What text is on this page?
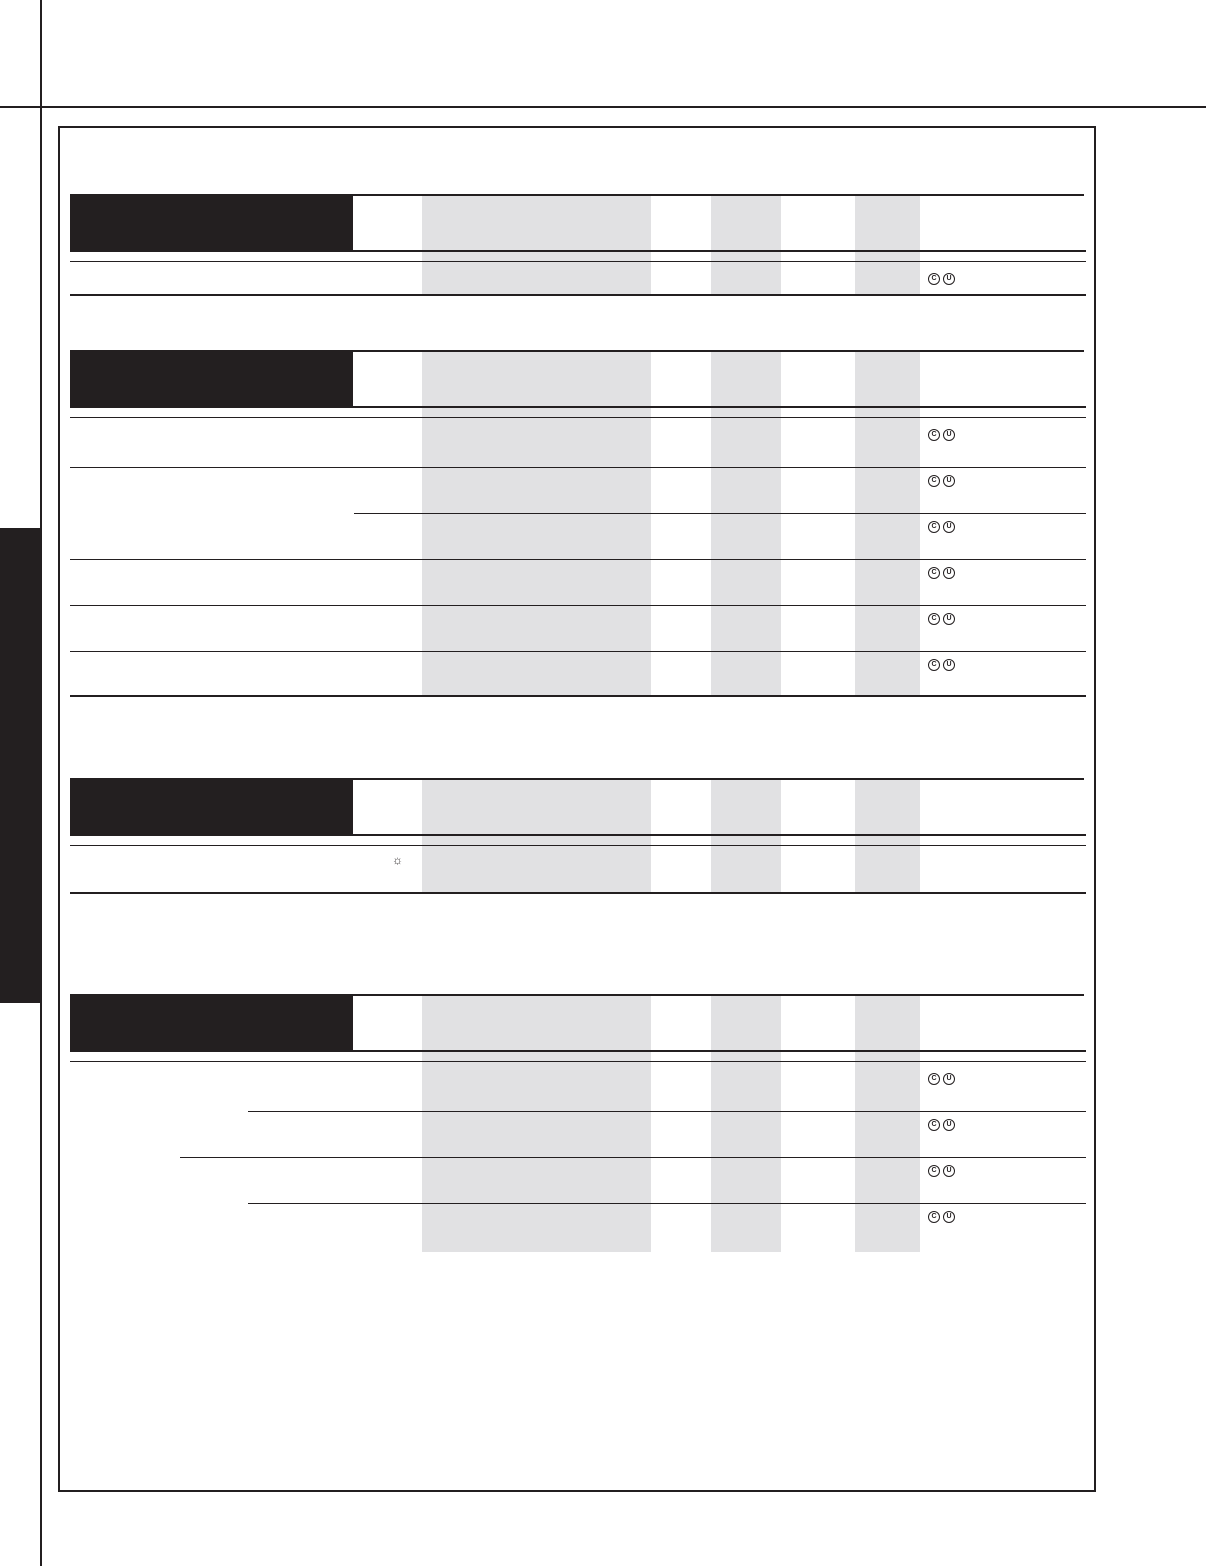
C U
C U
C U
C U
C U
C U
C U
☼
C U
C U
C U
C U
